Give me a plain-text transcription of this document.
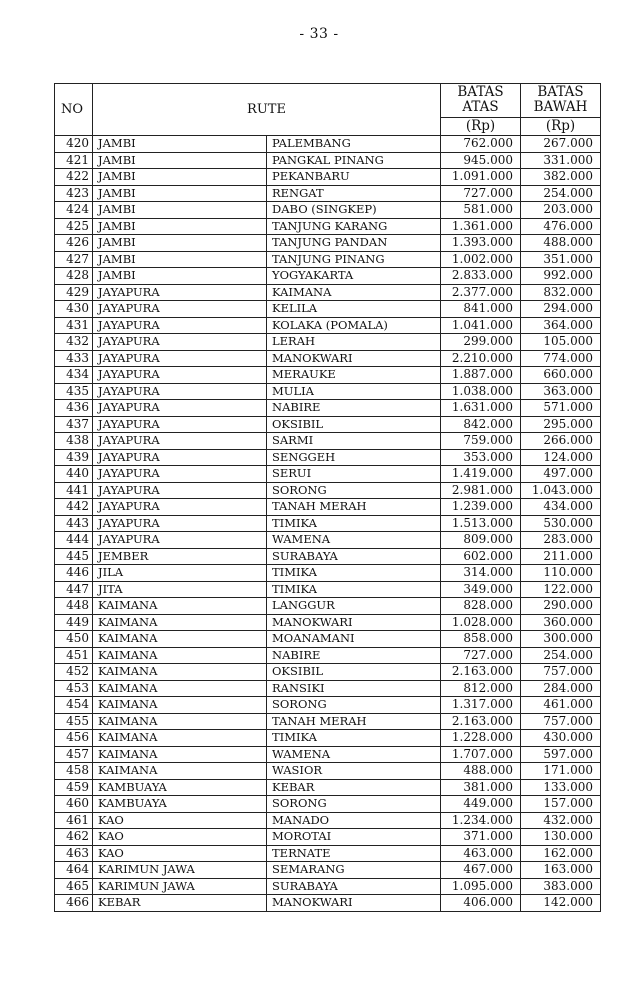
- 33 -
NO	RUTE		BATAS ATAS	BATAS BAWAH
			(Rp)	(Rp)
420	JAMBI	PALEMBANG	762.000	267.000
421	JAMBI	PANGKAL PINANG	945.000	331.000
422	JAMBI	PEKANBARU	1.091.000	382.000
423	JAMBI	RENGAT	727.000	254.000
424	JAMBI	DABO (SINGKEP)	581.000	203.000
425	JAMBI	TANJUNG KARANG	1.361.000	476.000
426	JAMBI	TANJUNG PANDAN	1.393.000	488.000
427	JAMBI	TANJUNG PINANG	1.002.000	351.000
428	JAMBI	YOGYAKARTA	2.833.000	992.000
429	JAYAPURA	KAIMANA	2.377.000	832.000
430	JAYAPURA	KELILA	841.000	294.000
431	JAYAPURA	KOLAKA (POMALA)	1.041.000	364.000
432	JAYAPURA	LERAH	299.000	105.000
433	JAYAPURA	MANOKWARI	2.210.000	774.000
434	JAYAPURA	MERAUKE	1.887.000	660.000
435	JAYAPURA	MULIA	1.038.000	363.000
436	JAYAPURA	NABIRE	1.631.000	571.000
437	JAYAPURA	OKSIBIL	842.000	295.000
438	JAYAPURA	SARMI	759.000	266.000
439	JAYAPURA	SENGGEH	353.000	124.000
440	JAYAPURA	SERUI	1.419.000	497.000
441	JAYAPURA	SORONG	2.981.000	1.043.000
442	JAYAPURA	TANAH MERAH	1.239.000	434.000
443	JAYAPURA	TIMIKA	1.513.000	530.000
444	JAYAPURA	WAMENA	809.000	283.000
445	JEMBER	SURABAYA	602.000	211.000
446	JILA	TIMIKA	314.000	110.000
447	JITA	TIMIKA	349.000	122.000
448	KAIMANA	LANGGUR	828.000	290.000
449	KAIMANA	MANOKWARI	1.028.000	360.000
450	KAIMANA	MOANAMANI	858.000	300.000
451	KAIMANA	NABIRE	727.000	254.000
452	KAIMANA	OKSIBIL	2.163.000	757.000
453	KAIMANA	RANSIKI	812.000	284.000
454	KAIMANA	SORONG	1.317.000	461.000
455	KAIMANA	TANAH MERAH	2.163.000	757.000
456	KAIMANA	TIMIKA	1.228.000	430.000
457	KAIMANA	WAMENA	1.707.000	597.000
458	KAIMANA	WASIOR	488.000	171.000
459	KAMBUAYA	KEBAR	381.000	133.000
460	KAMBUAYA	SORONG	449.000	157.000
461	KAO	MANADO	1.234.000	432.000
462	KAO	MOROTAI	371.000	130.000
463	KAO	TERNATE	463.000	162.000
464	KARIMUN JAWA	SEMARANG	467.000	163.000
465	KARIMUN JAWA	SURABAYA	1.095.000	383.000
466	KEBAR	MANOKWARI	406.000	142.000
